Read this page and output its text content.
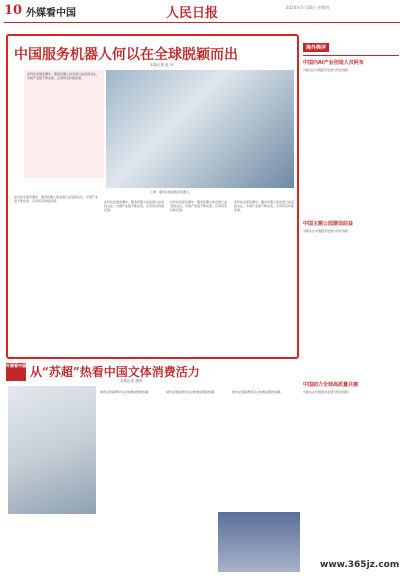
10 外媒看中国	人民日报	2024年7月18日 星期四
中国服务机器人何以在全球脱颖而出
本报记者 赵 丹
在科技发展浪潮中，服务机器人的发展日益受到关注，中国产业链不断完善，应用场景持续拓展。
上图：观众在体验服务机器人。
在科技发展浪潮中，服务机器人的发展日益受到关注，中国产业链不断完善，应用场景持续拓展。	在科技发展浪潮中，服务机器人的发展日益受到关注，中国产业链不断完善，应用场景持续拓展。
在科技发展浪潮中，服务机器人的发展日益受到关注，中国产业链不断完善，应用场景持续拓展。
在科技发展浪潮中，服务机器人的发展日益受到关注，中国产业链不断完善，应用场景持续拓展。
海外舆评
中国向AI产业创造人员阿布
外媒关注中国经济发展与科技创新。
中国主题公园建设助益
外媒关注中国经济发展与科技创新。
中国助力全球高质量共建
外媒关注中国经济发展与科技创新。
外媒看中国 从“苏超”热看中国文体消费活力
本报记者 胡奇
城市足球联赛带动文体旅消费新热潮。	城市足球联赛带动文体旅消费新热潮。	城市足球联赛带动文体旅消费新热潮。
www.365jz.com
